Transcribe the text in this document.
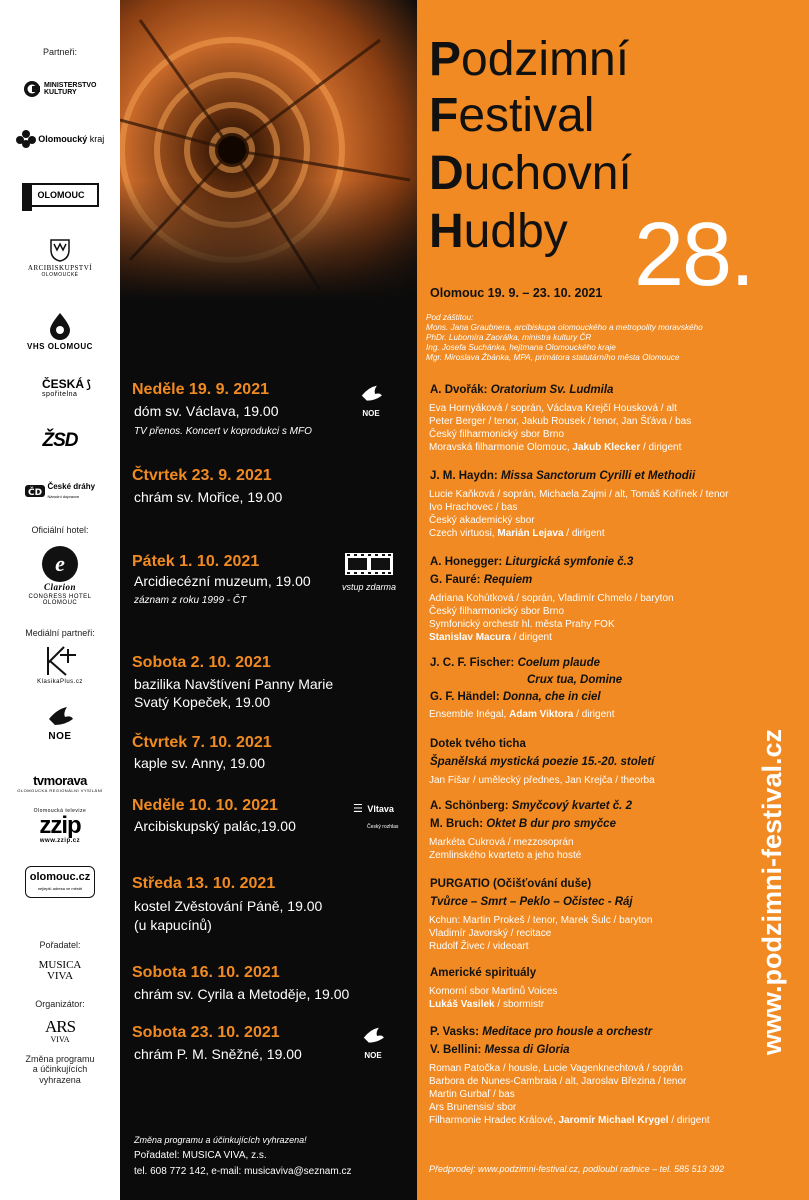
Partneři:
MINISTERSTVO
KULTURY
Olomoucký kraj
OLOMOUC
ARCIBISKUPSTVÍ
OLOMOUCKÉ
VHS OLOMOUC
ČESKÁ ⟆
spořitelna
ŽSD
ČD
České dráhy
Národní dopravce
Oficiální hotel:
e
Clarion
CONGRESS HOTEL
OLOMOUC
Mediální partneři:
KlasikaPlus.cz
NOE
tvmorava
OLOMOUCKÁ REGIONÁLNÍ VYSÍLÁNÍ
Olomoucká televize
zzip
www.zzip.cz
olomouc.cz
nejlepší adresa ve městě
Pořadatel:
MUSICA
VIVA
Organizátor:
ARS
VIVA
Změna programu
a účinkujících
vyhrazena
Neděle 19. 9. 2021
dóm sv. Václava, 19.00
TV přenos. Koncert v koprodukci s MFO
NOE
Čtvrtek 23. 9. 2021
chrám sv. Mořice, 19.00
Pátek 1. 10. 2021
Arcidiecézní muzeum, 19.00
záznam z roku 1999 - ČT
vstup zdarma
Sobota 2. 10. 2021
bazilika Navštívení Panny Marie
Svatý Kopeček, 19.00
Čtvrtek 7. 10. 2021
kaple sv. Anny, 19.00
Neděle 10. 10. 2021
Arcibiskupský palác,19.00
☰ Vltava
Český rozhlas
Středa 13. 10. 2021
kostel Zvěstování Páně, 19.00
(u kapucínů)
Sobota 16. 10. 2021
chrám sv. Cyrila a Metoděje, 19.00
Sobota 23. 10. 2021
chrám P. M. Sněžné, 19.00	NOE
Změna programu a účinkujících vyhrazena!
Pořadatel: MUSICA VIVA, z.s.
tel. 608 772 142, e-mail: musicaviva@seznam.cz
Podzimní
Festival
Duchovní
Hudby 28.
Olomouc 19. 9. – 23. 10. 2021
Pod záštitou:
Mons. Jana Graubnera, arcibiskupa olomouckého a metropolity moravského
PhDr. Lubomíra Zaorálka, ministra kultury ČR
Ing. Josefa Suchánka, hejtmana Olomouckého kraje
Mgr. Miroslava Žbánka, MPA, primátora statutárního města Olomouce
A. Dvořák: Oratorium Sv. Ludmila
Eva Hornyáková / soprán, Václava Krejčí Housková / alt
Peter Berger / tenor, Jakub Rousek / tenor, Jan Šťáva / bas
Český filharmonický sbor Brno
Moravská filharmonie Olomouc, Jakub Klecker / dirigent
J. M. Haydn: Missa Sanctorum Cyrilli et Methodii
Lucie Kaňková / soprán, Michaela Zajmi / alt, Tomáš Kořínek / tenor
Ivo Hrachovec / bas
Český akademický sbor
Czech virtuosi, Marián Lejava / dirigent
A. Honegger: Liturgická symfonie č.3
G. Fauré: Requiem
Adriana Kohútková / soprán, Vladimír Chmelo / baryton
Český filharmonický sbor Brno
Symfonický orchestr hl. města Prahy FOK
Stanislav Macura / dirigent
J. C. F. Fischer: Coelum plaude
Crux tua, Domine
G. F. Händel: Donna, che in ciel
Ensemble Inégal, Adam Viktora / dirigent
Dotek tvého ticha
Španělská mystická poezie 15.-20. století
Jan Fišar / umělecký přednes, Jan Krejča / theorba
A. Schönberg: Smyčcový kvartet č. 2
M. Bruch: Oktet B dur pro smyčce
Markéta Cukrová / mezzosoprán
Zemlinského kvarteto a jeho hosté
PURGATIO (Očišťování duše)
Tvůrce – Smrt – Peklo – Očistec - Ráj
Kchun: Martin Prokeš / tenor, Marek Šulc / baryton
Vladimír Javorský / recitace
Rudolf Živec / videoart
Americké spirituály
Komorní sbor Martinů Voices
Lukáš Vasilek / sbormistr
P. Vasks: Meditace pro housle a orchestr
V. Bellini: Messa di Gloria
Roman Patočka / housle, Lucie Vagenknechtová / soprán
Barbora de Nunes-Cambraia / alt, Jaroslav Březina / tenor
Martin Gurbaľ / bas
Ars Brunensis/ sbor
Filharmonie Hradec Králové, Jaromír Michael Krygel / dirigent
www.podzimni-festival.cz
Předprodej: www.podzimni-festival.cz, podloubí radnice – tel. 585 513 392
